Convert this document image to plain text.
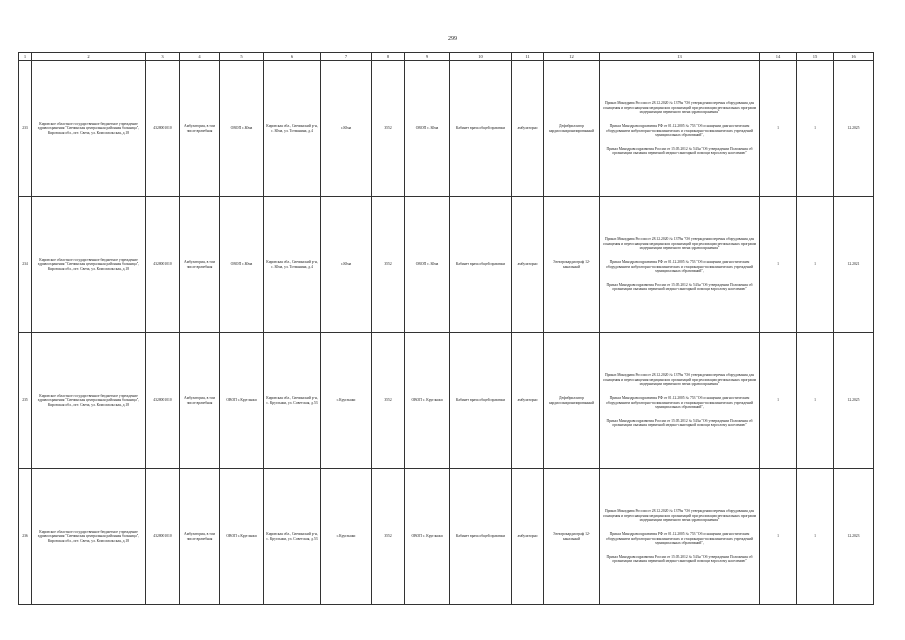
299
1	2	3	4	5	6	7	8	9	10	11	12	13	14	15	16
233	Кировское областное государственное бюджетное учреждение здравоохранения "Свечинская центральная районная больница", Кировская обл., пгт. Свеча, ул. Комсомольская, д.18	4328001010	Амбулатория, в том числе врачебная	ОВОП с.Юма	Кировская обл., Свечинский р-н, с. Юма, ул. Тотмянина, д.4	с.Юма	3552	ОВОП с. Юма	Кабинет врача общей практики	амбулаторно	Дефибриллятор кардиосинхронизированный	Приказ Минздрава России от 28.12.2020 № 1379н "Об утверждении перечня оборудования для оснащения и переоснащения медицинских организаций при реализации региональных программ модернизации первичного звена здравоохранения"

Приказ Минздравсоцразвития РФ от 01.12.2005 № 753 "Об оснащении диагностическим оборудованием амбулаторно-поликлинических и стационарно-поликлинических учреждений муниципальных образований",

Приказ Минздравсоцразвития России от 15.05.2012 № 543н "Об утверждении Положения об организации оказания первичной медико-санитарной помощи взрослому населению"	1	1	12.2025
234	Кировское областное государственное бюджетное учреждение здравоохранения "Свечинская центральная районная больница", Кировская обл., пгт. Свеча, ул. Комсомольская, д.18	4328001010	Амбулатория, в том числе врачебная	ОВОП с.Юма	Кировская обл., Свечинский р-н, с. Юма, ул. Тотмянина, д.4	с.Юма	3552	ОВОП с. Юма	Кабинет врача общей практики	амбулаторно	Электрокардиограф 12-канальный	Приказ Минздрава России от 28.12.2020 № 1379н "Об утверждении перечня оборудования для оснащения и переоснащения медицинских организаций при реализации региональных программ модернизации первичного звена здравоохранения"

Приказ Минздравсоцразвития РФ от 01.12.2005 № 753 "Об оснащении диагностическим оборудованием амбулаторно-поликлинических и стационарно-поликлинических учреждений муниципальных образований",

Приказ Минздравсоцразвития России от 15.05.2012 № 543н "Об утверждении Положения об организации оказания первичной медико-санитарной помощи взрослому населению"	1	1	12.2021
235	Кировское областное государственное бюджетное учреждение здравоохранения "Свечинская центральная районная больница", Кировская обл., пгт. Свеча, ул. Комсомольская, д.18	4328001010	Амбулатория, в том числе врачебная	ОВОП с.Круглыжи	Кировская обл., Свечинский р-н, с. Круглыжи, ул. Советская, д.53	с.Круглыжи	3552	ОВОП с. Круглыжи	Кабинет врача общей практики	амбулаторно	Дефибриллятор кардиосинхронизированный	Приказ Минздрава России от 28.12.2020 № 1379н "Об утверждении перечня оборудования для оснащения и переоснащения медицинских организаций при реализации региональных программ модернизации первичного звена здравоохранения"

Приказ Минздравсоцразвития РФ от 01.12.2005 № 753 "Об оснащении диагностическим оборудованием амбулаторно-поликлинических и стационарно-поликлинических учреждений муниципальных образований",

Приказ Минздравсоцразвития России от 15.05.2012 № 543н "Об утверждении Положения об организации оказания первичной медико-санитарной помощи взрослому населению"	1	1	12.2025
236	Кировское областное государственное бюджетное учреждение здравоохранения "Свечинская центральная районная больница", Кировская обл., пгт. Свеча, ул. Комсомольская, д.18	4328001010	Амбулатория, в том числе врачебная	ОВОП с.Круглыжи	Кировская обл., Свечинский р-н, с. Круглыжи, ул. Советская, д.53	с.Круглыжи	3552	ОВОП с. Круглыжи	Кабинет врача общей практики	амбулаторно	Электрокардиограф 12-канальный	Приказ Минздрава России от 28.12.2020 № 1379н "Об утверждении перечня оборудования для оснащения и переоснащения медицинских организаций при реализации региональных программ модернизации первичного звена здравоохранения"

Приказ Минздравсоцразвития РФ от 01.12.2005 № 753 "Об оснащении диагностическим оборудованием амбулаторно-поликлинических и стационарно-поликлинических учреждений муниципальных образований",

Приказ Минздравсоцразвития России от 15.05.2012 № 543н "Об утверждении Положения об организации оказания первичной медико-санитарной помощи взрослому населению"	1	1	12.2023
